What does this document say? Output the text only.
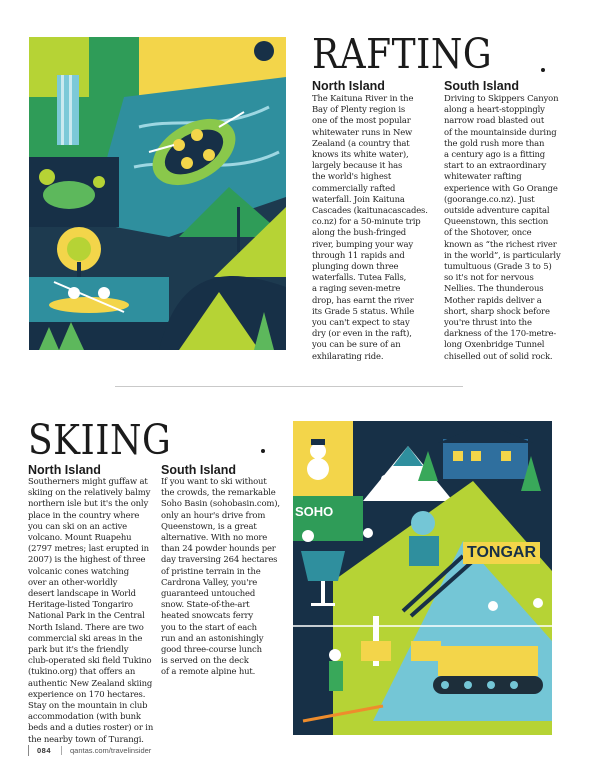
RAFTING
North Island
The Kaituna River in the
Bay of Plenty region is
one of the most popular
whitewater runs in New
Zealand (a country that
knows its white water),
largely because it has
the world's highest
commercially rafted
waterfall. Join Kaituna
Cascades (kaitunacascades.
co.nz) for a 50-minute trip
along the bush-fringed
river, bumping your way
through 11 rapids and
plunging down three
waterfalls. Tutea Falls,
a raging seven-metre
drop, has earnt the river
its Grade 5 status. While
you can't expect to stay
dry (or even in the raft),
you can be sure of an
exhilarating ride.
South Island
Driving to Skippers Canyon
along a heart-stoppingly
narrow road blasted out
of the mountainside during
the gold rush more than
a century ago is a fitting
start to an extraordinary
whitewater rafting
experience with Go Orange
(goorange.co.nz). Just
outside adventure capital
Queenstown, this section
of the Shotover, once
known as “the richest river
in the world”, is particularly
tumultuous (Grade 3 to 5)
so it's not for nervous
Nellies. The thunderous
Mother rapids deliver a
short, sharp shock before
you're thrust into the
darkness of the 170-metre-
long Oxenbridge Tunnel
chiselled out of solid rock.
SKIING
North Island
Southerners might guffaw at
skiing on the relatively balmy
northern isle but it's the only
place in the country where
you can ski on an active
volcano. Mount Ruapehu
(2797 metres; last erupted in
2007) is the highest of three
volcanic cones watching
over an other-worldly
desert landscape in World
Heritage-listed Tongariro
National Park in the Central
North Island. There are two
commercial ski areas in the
park but it's the friendly
club-operated ski field Tukino
(tukino.org) that offers an
authentic New Zealand skiing
experience on 170 hectares.
Stay on the mountain in club
accommodation (with bunk
beds and a duties roster) or in
the nearby town of Turangi.
South Island
If you want to ski without
the crowds, the remarkable
Soho Basin (sohobasin.com),
only an hour's drive from
Queenstown, is a great
alternative. With no more
than 24 powder hounds per
day traversing 264 hectares
of pristine terrain in the
Cardrona Valley, you're
guaranteed untouched
snow. State-of-the-art
heated snowcats ferry
you to the start of each
run and an astonishingly
good three-course lunch
is served on the deck
of a remote alpine hut.
SOHO
TONGAR
084	qantas.com/travelinsider
